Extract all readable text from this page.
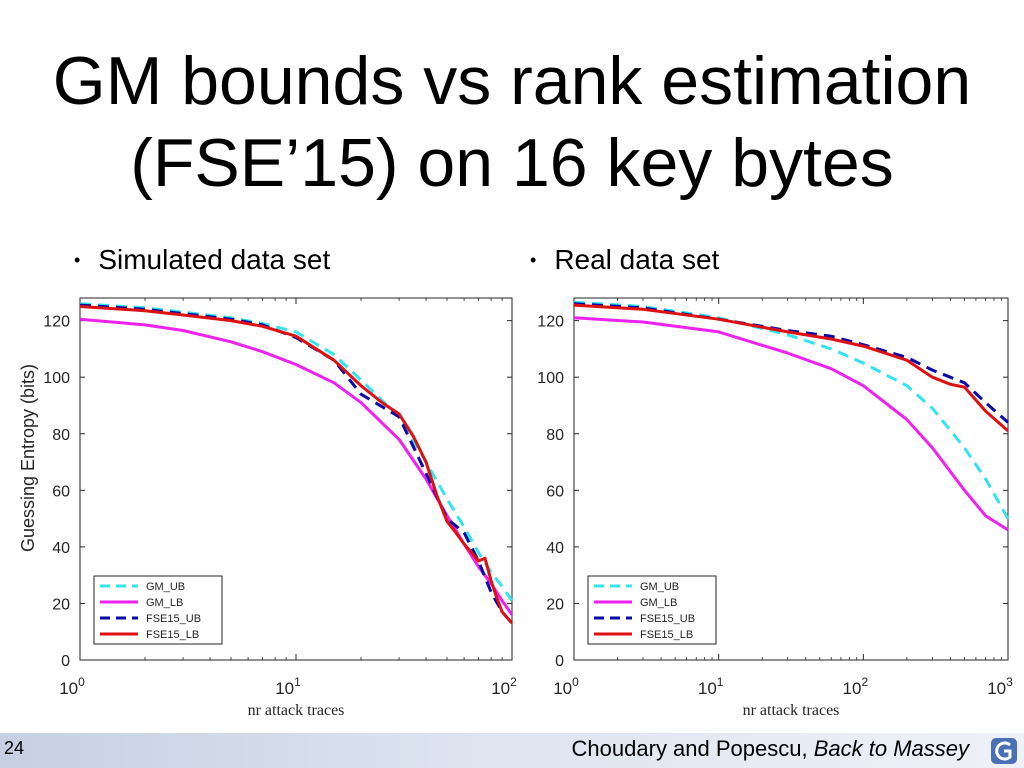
GM bounds vs rank estimation
(FSE’15) on 16 key bytes
• Simulated data set	• Real data set
0
20
40
60
80
100
120
$10^0$	$10^1$	$10^2$
nr attack traces
Guessing Entropy (bits)
GM_UB
GM_LB
FSE15_UB
FSE15_LB
0
20
40
60
80
100
120
$10^0$	$10^1$	$10^2$	$10^3$
nr attack traces
GM_UB
GM_LB
FSE15_UB
FSE15_LB
24	Choudary and Popescu, Back to Massey
